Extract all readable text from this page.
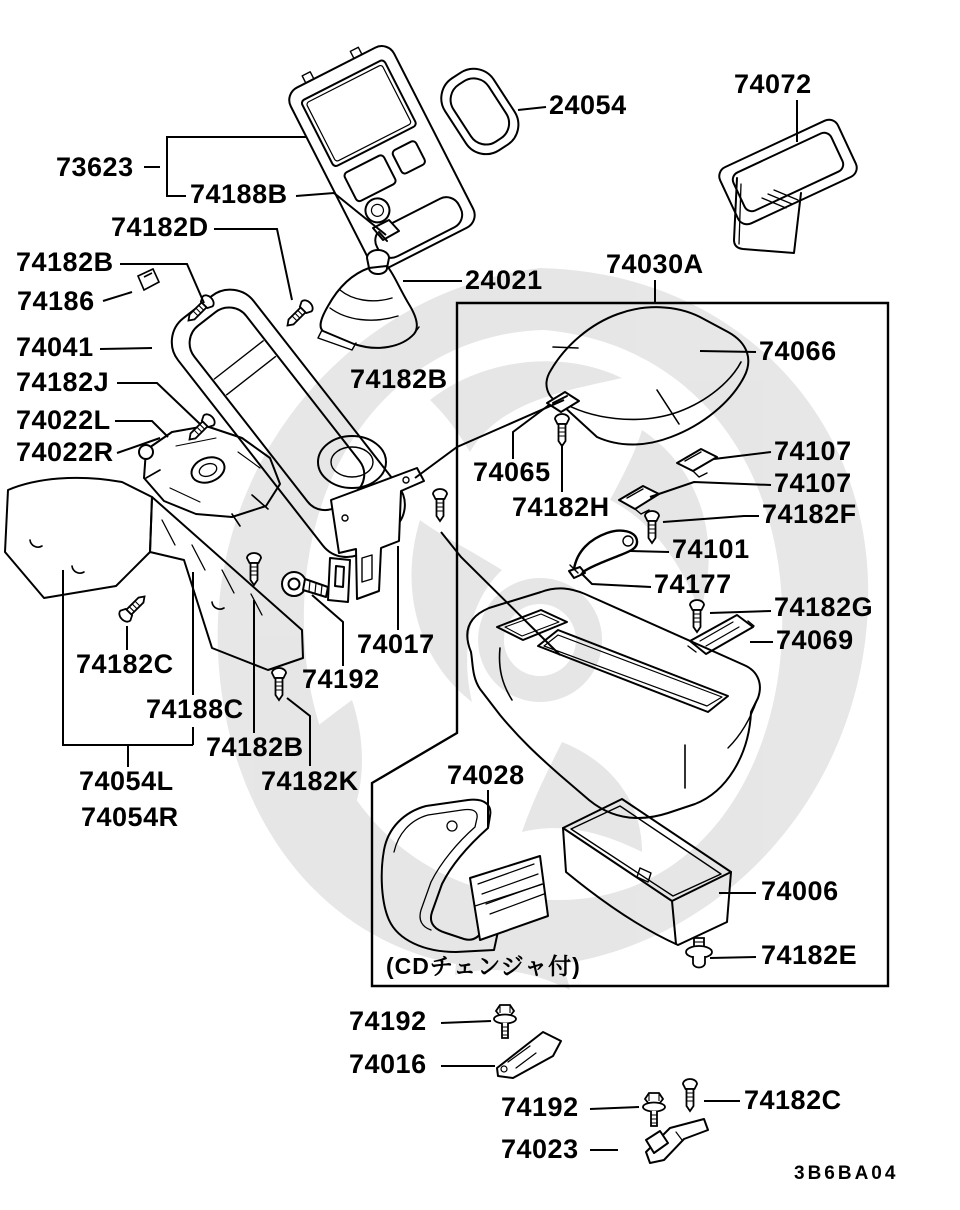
73623
74188B
74182D
74182B
74186
74041
74182J
74022L
74022R
24054
74072
24021
74030A
74066
74065
74182H
74107
74107
74182F
74101
74177
74182G
74069
74182C
74188C
74182B
74182B
74054L
74054R
74182K
74192
74017
74028
74006
74182E
74192
74016
74192
74023
74182C
(CDチェンジャ付)
3B6BA04
